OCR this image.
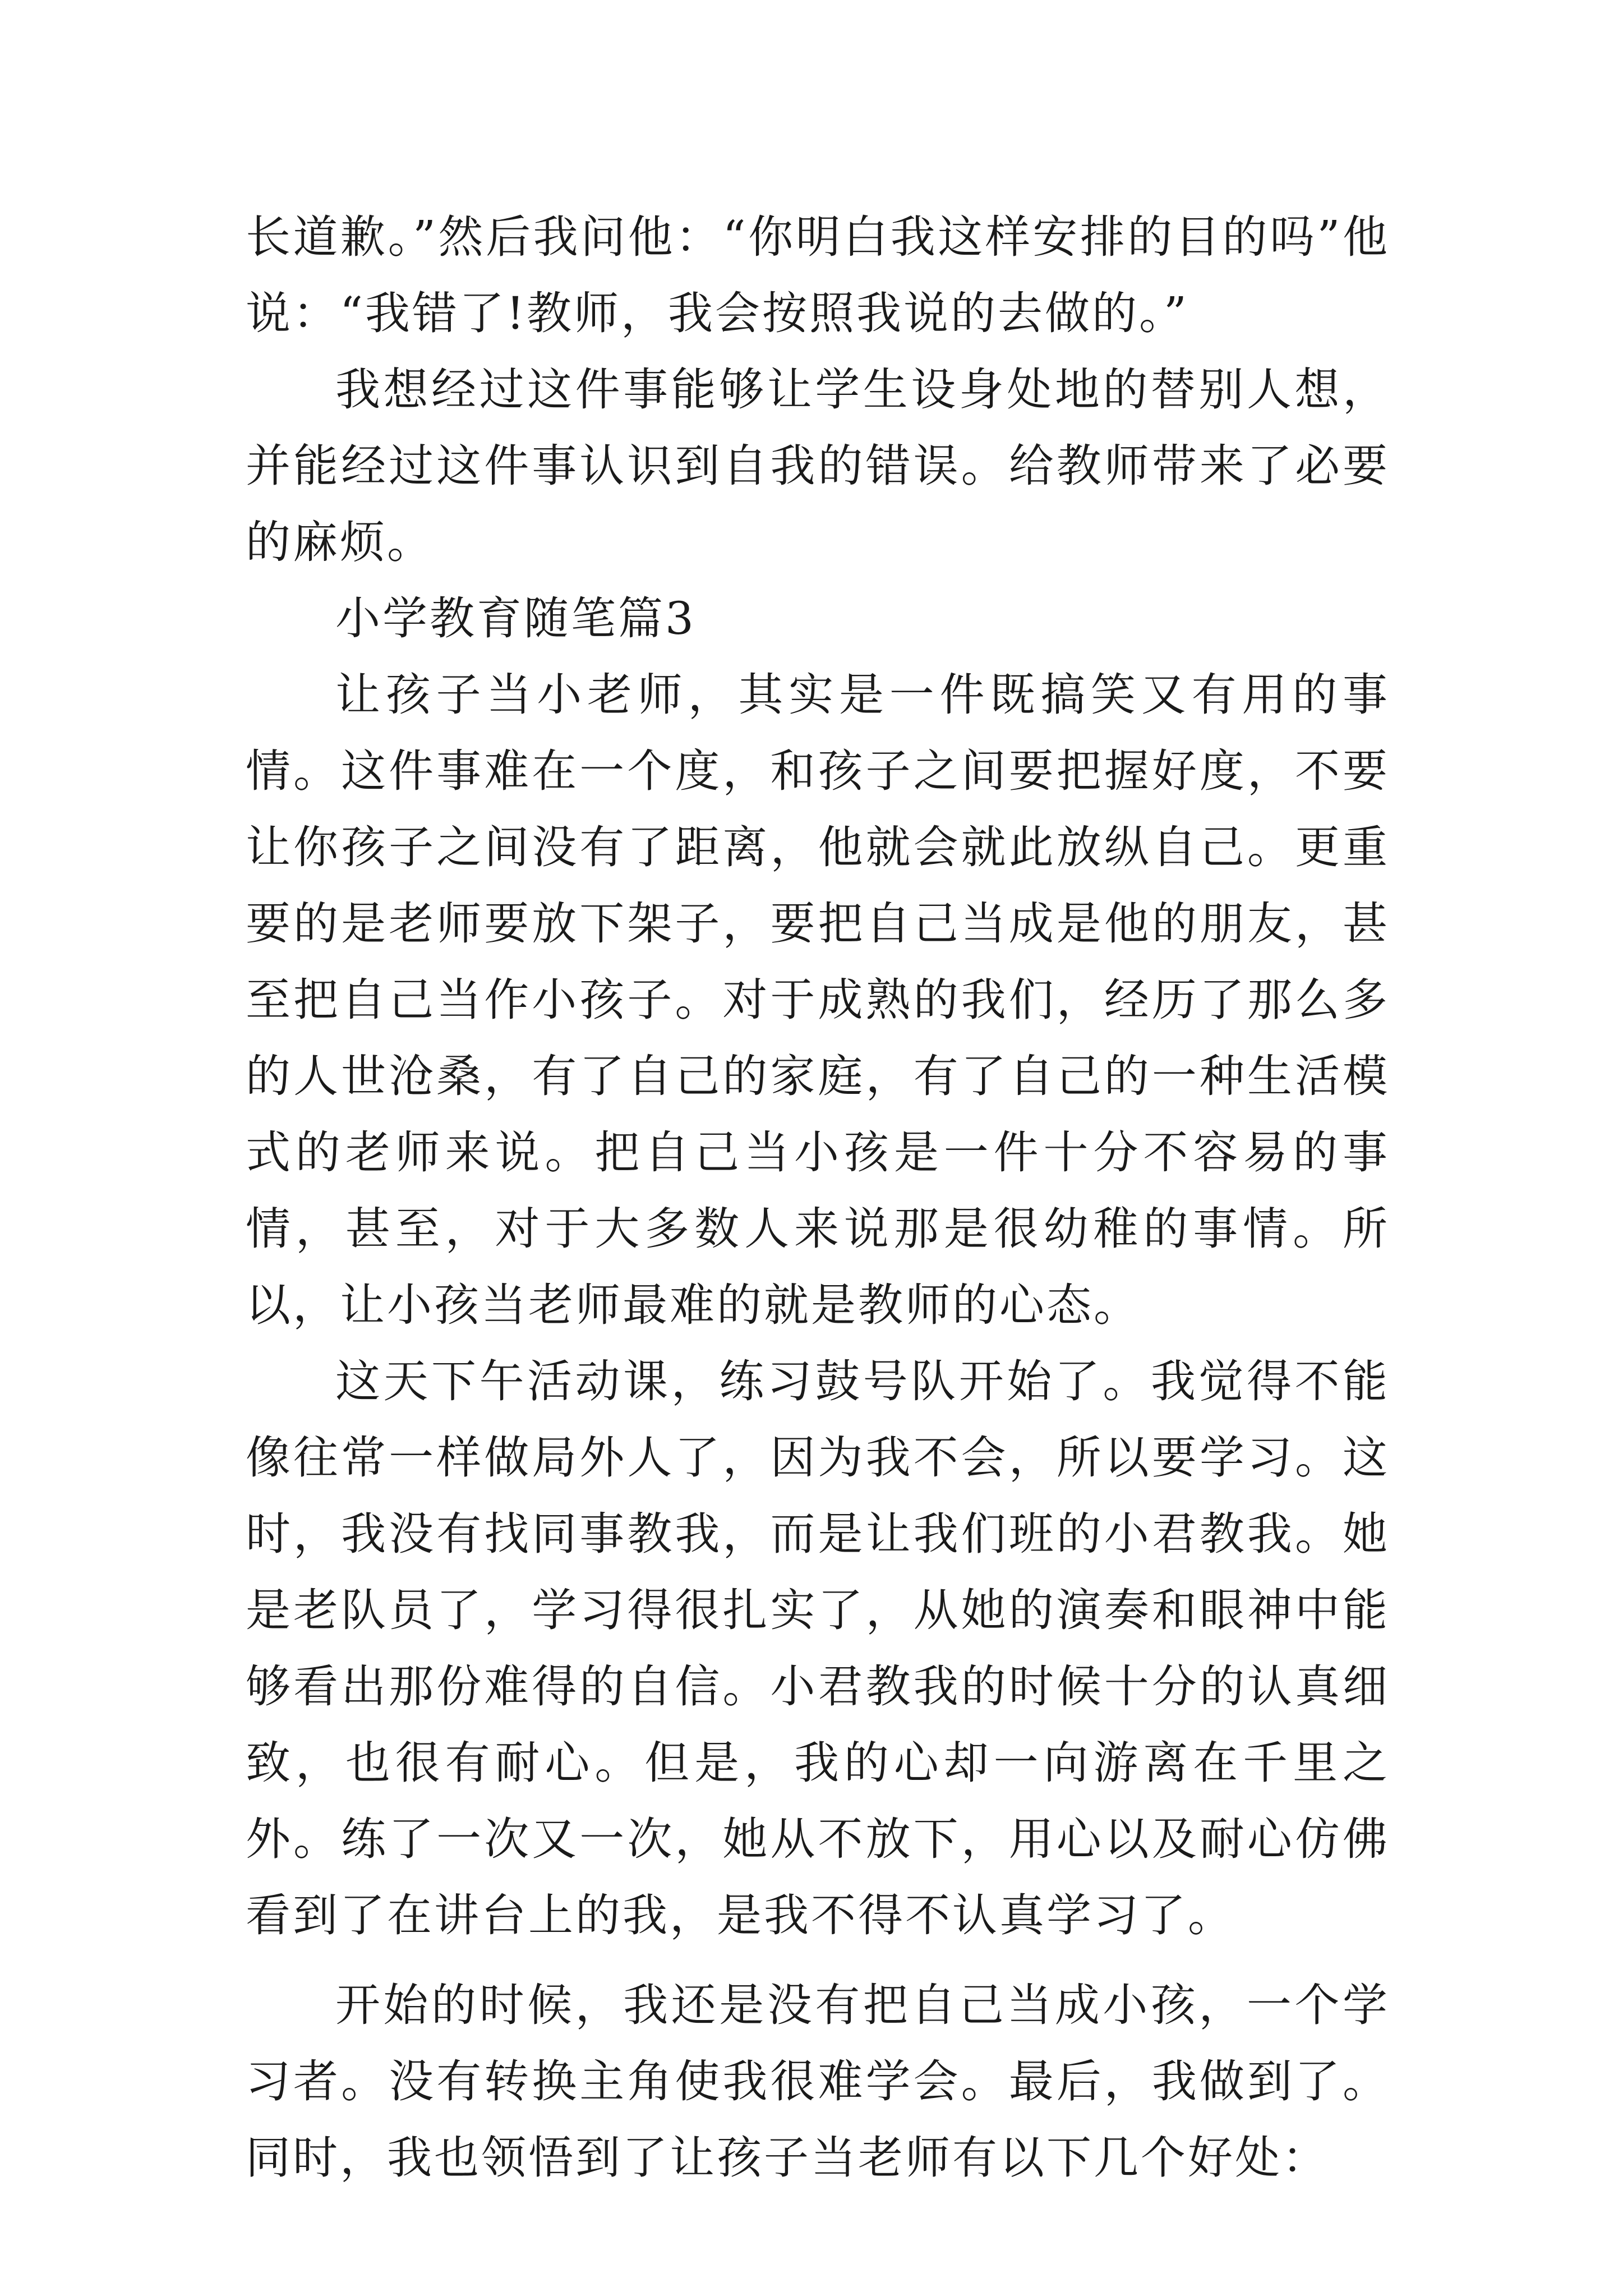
长道歉。”然后我问他：“你明白我这样安排的目的吗”他说：“我错了!教师，我会按照我说的去做的。”

我想经过这件事能够让学生设身处地的替别人想，并能经过这件事认识到自我的错误。给教师带来了必要的麻烦。

小学教育随笔篇3

让孩子当小老师，其实是一件既搞笑又有用的事情。这件事难在一个度，和孩子之间要把握好度，不要让你孩子之间没有了距离，他就会就此放纵自己。更重要的是老师要放下架子，要把自己当成是他的朋友，甚至把自己当作小孩子。对于成熟的我们，经历了那么多的人世沧桑，有了自己的家庭，有了自己的一种生活模式的老师来说。把自己当小孩是一件十分不容易的事情，甚至，对于大多数人来说那是很幼稚的事情。所以，让小孩当老师最难的就是教师的心态。

这天下午活动课，练习鼓号队开始了。我觉得不能像往常一样做局外人了，因为我不会，所以要学习。这时，我没有找同事教我，而是让我们班的小君教我。她是老队员了，学习得很扎实了，从她的演奏和眼神中能够看出那份难得的自信。小君教我的时候十分的认真细致，也很有耐心。但是，我的心却一向游离在千里之外。练了一次又一次，她从不放下，用心以及耐心仿佛看到了在讲台上的我，是我不得不认真学习了。

开始的时候，我还是没有把自己当成小孩，一个学习者。没有转换主角使我很难学会。最后，我做到了。同时，我也领悟到了让孩子当老师有以下几个好处：
